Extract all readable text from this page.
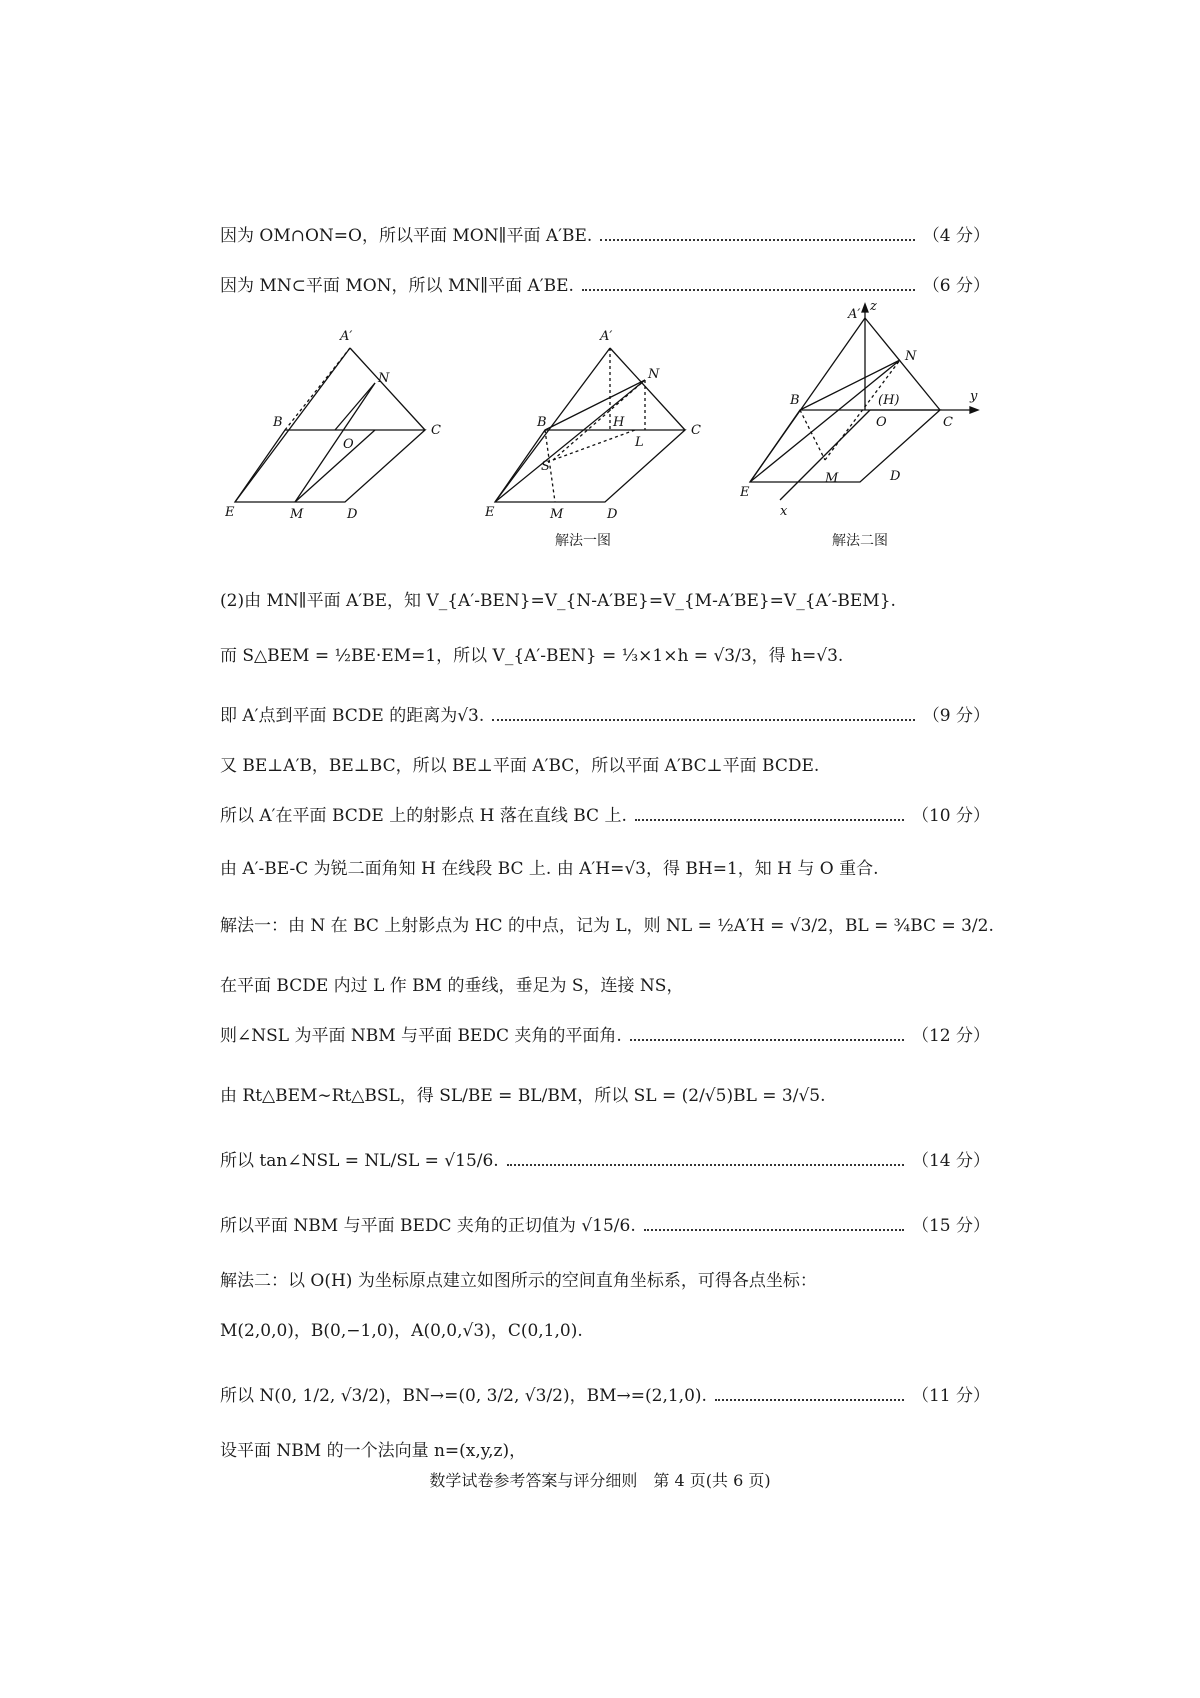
因为 OM∩ON=O，所以平面 MON∥平面 A′BE.	（4 分）
因为 MN⊂平面 MON，所以 MN∥平面 A′BE.	（6 分）
(2)由 MN∥平面 A′BE，知 V_{A′-BEN}=V_{N-A′BE}=V_{M-A′BE}=V_{A′-BEM}.
而 S△BEM = ½BE·EM=1，所以 V_{A′-BEN} = ⅓×1×h = √3/3，得 h=√3.
即 A′点到平面 BCDE 的距离为√3.	（9 分）
又 BE⊥A′B，BE⊥BC，所以 BE⊥平面 A′BC，所以平面 A′BC⊥平面 BCDE.
所以 A′在平面 BCDE 上的射影点 H 落在直线 BC 上.	（10 分）
由 A′-BE-C 为锐二面角知 H 在线段 BC 上. 由 A′H=√3，得 BH=1，知 H 与 O 重合.
解法一：由 N 在 BC 上射影点为 HC 的中点，记为 L，则 NL = ½A′H = √3/2，BL = ¾BC = 3/2.
在平面 BCDE 内过 L 作 BM 的垂线，垂足为 S，连接 NS，
则∠NSL 为平面 NBM 与平面 BEDC 夹角的平面角.	（12 分）
由 Rt△BEM∼Rt△BSL，得 SL/BE = BL/BM，所以 SL = (2/√5)BL = 3/√5.
所以 tan∠NSL = NL/SL = √15/6.	（14 分）
所以平面 NBM 与平面 BEDC 夹角的正切值为 √15/6.	（15 分）
解法二：以 O(H) 为坐标原点建立如图所示的空间直角坐标系，可得各点坐标：
M(2,0,0)，B(0,−1,0)，A(0,0,√3)，C(0,1,0).
所以 N(0, 1/2, √3/2)，BN→=(0, 3/2, √3/2)，BM→=(2,1,0).	（11 分）
设平面 NBM 的一个法向量 n=(x,y,z)，
A′
N
B
O
C
E	M	D
A′
N
B	H
C
S
L
E	M	D
解法一图
A′
z
N
B	(H)	y
O	C
E
x
M	D
解法二图
数学试卷参考答案与评分细则　第 4 页(共 6 页)
